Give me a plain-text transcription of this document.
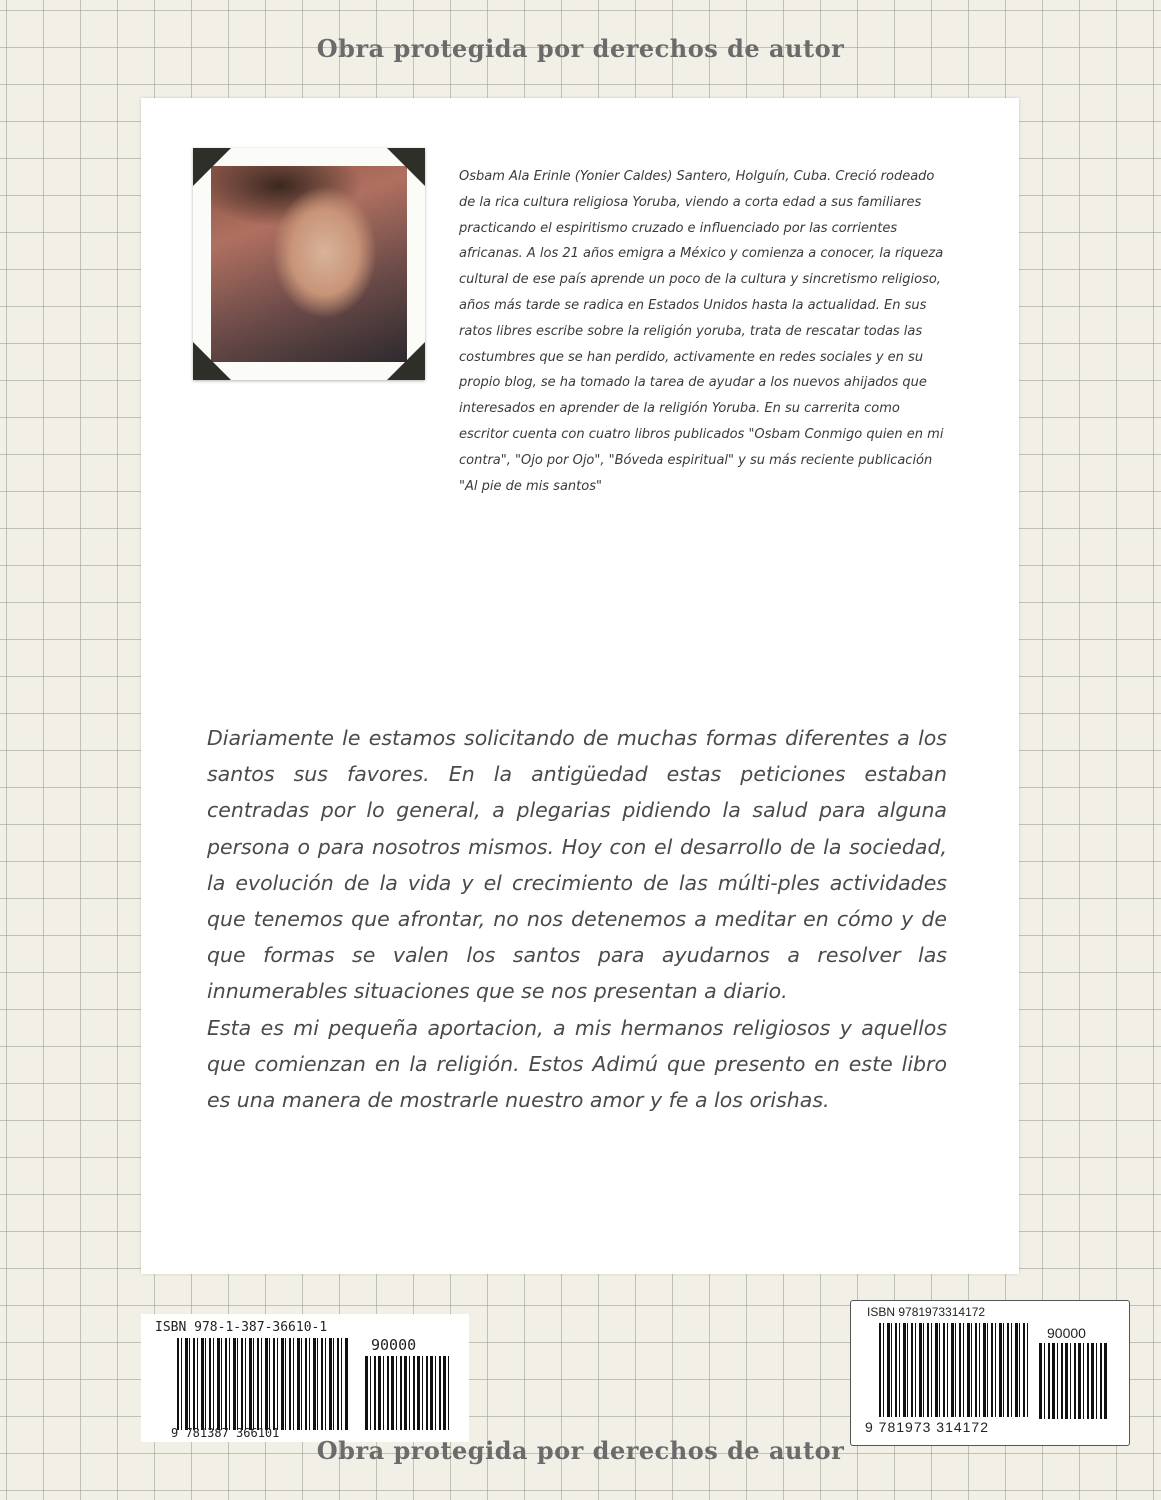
Obra protegida por derechos de autor

Osbam Ala Erinle (Yonier Caldes) Santero, Holguín, Cuba. Creció rodeado de la rica cultura religiosa Yoruba, viendo a corta edad a sus familiares practicando el espiritismo cruzado e influenciado por las corrientes africanas. A los 21 años emigra a México y comienza a conocer, la riqueza cultural de ese país aprende un poco de la cultura y sincretismo religioso, años más tarde se radica en Estados Unidos hasta la actualidad. En sus ratos libres escribe sobre la religión yoruba, trata de rescatar todas las costumbres que se han perdido, activamente en redes sociales y en su propio blog, se ha tomado la tarea de ayudar a los nuevos ahijados que interesados en aprender de la religión Yoruba. En su carrerita como escritor cuenta con cuatro libros publicados "Osbam Conmigo quien en mi contra", "Ojo por Ojo", "Bóveda espiritual" y su más reciente publicación "Al pie de mis santos"

Diariamente le estamos solicitando de muchas formas diferentes a los santos sus favores. En la antigüedad estas peticiones estaban centradas por lo general, a plegarias pidiendo la salud para alguna persona o para nosotros mismos. Hoy con el desarrollo de la sociedad, la evolución de la vida y el crecimiento de las múlti-ples actividades que tenemos que afrontar, no nos detenemos a meditar en cómo y de que formas se valen los santos para ayudarnos a resolver las innumerables situaciones que se nos presentan a diario.

Esta es mi pequeña aportacion, a mis hermanos religiosos y aquellos que comienzan en la religión. Estos Adimú que presento en este libro es una manera de mostrarle nuestro amor y fe a los orishas.

ISBN 978-1-387-36610-1
90000
9 781387 366101
Obra protegida por derechos de autor
ISBN 9781973314172
90000
9 781973 314172
